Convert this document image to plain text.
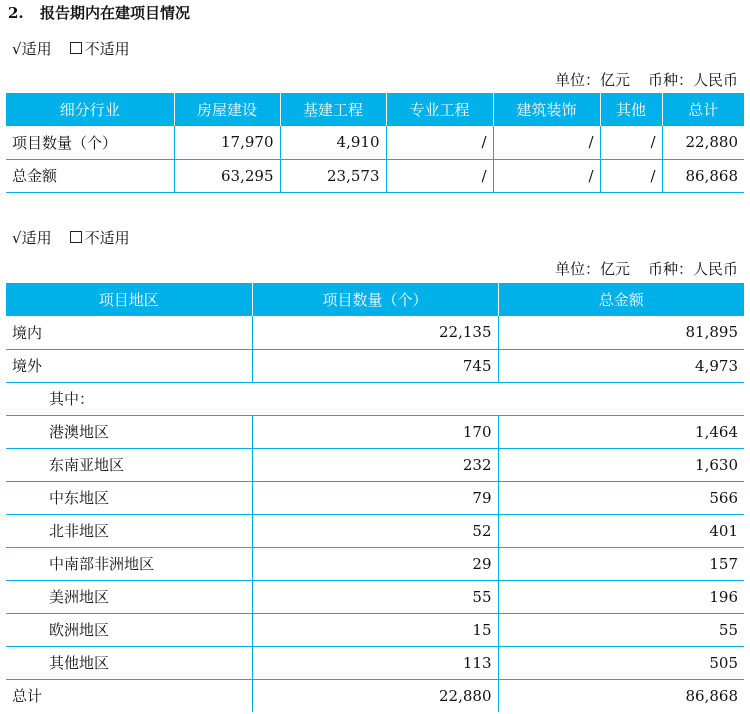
2. 报告期内在建项目情况
√适用 不适用
单位：亿元 币种：人民币
细分行业	房屋建设	基建工程	专业工程	建筑装饰	其他	总计
项目数量（个）	17,970	4,910	/	/	/	22,880
总金额	63,295	23,573	/	/	/	86,868
√适用 不适用
单位：亿元 币种：人民币
项目地区	项目数量（个）	总金额
境内	22,135	81,895
境外	745	4,973
其中：		
港澳地区	170	1,464
东南亚地区	232	1,630
中东地区	79	566
北非地区	52	401
中南部非洲地区	29	157
美洲地区	55	196
欧洲地区	15	55
其他地区	113	505
总计	22,880	86,868
